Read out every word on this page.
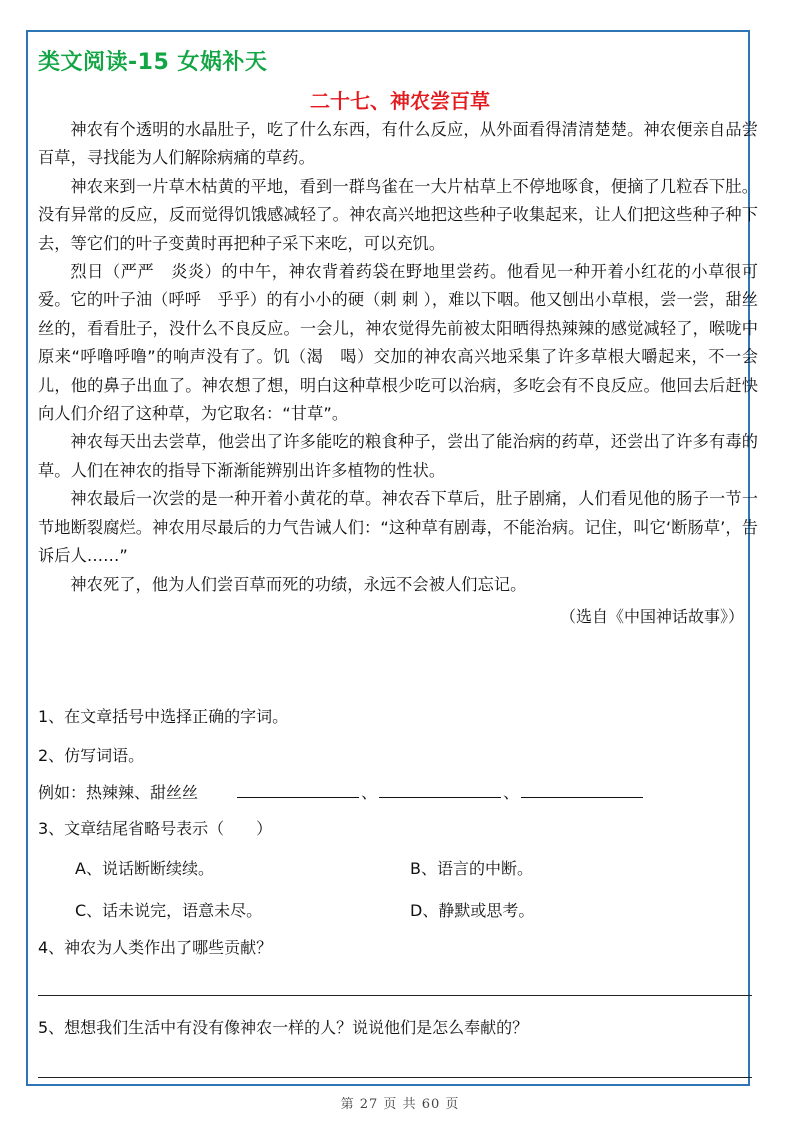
类文阅读-15 女娲补天
二十七、神农尝百草

神农有个透明的水晶肚子，吃了什么东西，有什么反应，从外面看得清清楚楚。神农便亲自品尝百草，寻找能为人们解除病痛的草药。

神农来到一片草木枯黄的平地，看到一群鸟雀在一大片枯草上不停地啄食，便摘了几粒吞下肚。没有异常的反应，反而觉得饥饿感减轻了。神农高兴地把这些种子收集起来，让人们把这些种子种下去，等它们的叶子变黄时再把种子采下来吃，可以充饥。

烈日（严严　炎炎）的中午，神农背着药袋在野地里尝药。他看见一种开着小红花的小草很可爱。它的叶子油（呼呼　乎乎）的有小小的硬（刺 刺 ），难以下咽。他又刨出小草根，尝一尝，甜丝丝的，看看肚子，没什么不良反应。一会儿，神农觉得先前被太阳晒得热辣辣的感觉减轻了，喉咙中原来“呼噜呼噜”的响声没有了。饥（渴　喝）交加的神农高兴地采集了许多草根大嚼起来，不一会儿，他的鼻子出血了。神农想了想，明白这种草根少吃可以治病，多吃会有不良反应。他回去后赶快向人们介绍了这种草，为它取名：“甘草”。

神农每天出去尝草，他尝出了许多能吃的粮食种子，尝出了能治病的药草，还尝出了许多有毒的草。人们在神农的指导下渐渐能辨别出许多植物的性状。

神农最后一次尝的是一种开着小黄花的草。神农吞下草后，肚子剧痛，人们看见他的肠子一节一节地断裂腐烂。神农用尽最后的力气告诫人们：“这种草有剧毒，不能治病。记住，叫它‘断肠草’，告诉后人……”

神农死了，他为人们尝百草而死的功绩，永远不会被人们忘记。

（选自《中国神话故事》）

1、在文章括号中选择正确的字词。

2、仿写词语。

例如：热辣辣、甜丝丝	、	、

3、文章结尾省略号表示（　　）

A、说话断断续续。	B、语言的中断。
C、话未说完，语意未尽。	D、静默或思考。

4、神农为人类作出了哪些贡献？

5、想想我们生活中有没有像神农一样的人？说说他们是怎么奉献的？

第 27 页 共 60 页
